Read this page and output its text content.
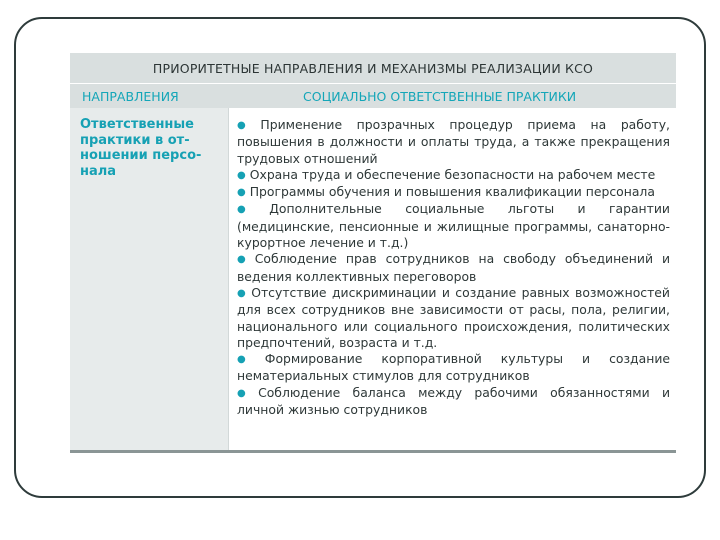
ПРИОРИТЕТНЫЕ НАПРАВЛЕНИЯ И МЕХАНИЗМЫ РЕАЛИЗАЦИИ КСО
НАПРАВЛЕНИЯ	СОЦИАЛЬНО ОТВЕТСТВЕННЫЕ ПРАКТИКИ
Ответственные
практики в от-
ношении персо-
нала

● Применение прозрачных процедур приема на работу, повышения в должности и оплаты труда, а также прекращения трудовых отношений

● Охрана труда и обеспечение безопасности на рабочем месте

● Программы обучения и повышения квалификации персонала

● Дополнительные социальные льготы и гарантии (медицинские, пенсионные и жилищные программы, санаторно-курортное лечение и т.д.)

● Соблюдение прав сотрудников на свободу объединений и ведения коллективных переговоров

● Отсутствие дискриминации и создание равных возможностей для всех сотрудников вне зависимости от расы, пола, религии, национального или социального происхождения, политических предпочтений, возраста и т.д.

● Формирование корпоративной культуры и создание нематериальных стимулов для сотрудников

● Соблюдение баланса между рабочими обязанностями и личной жизнью сотрудников
